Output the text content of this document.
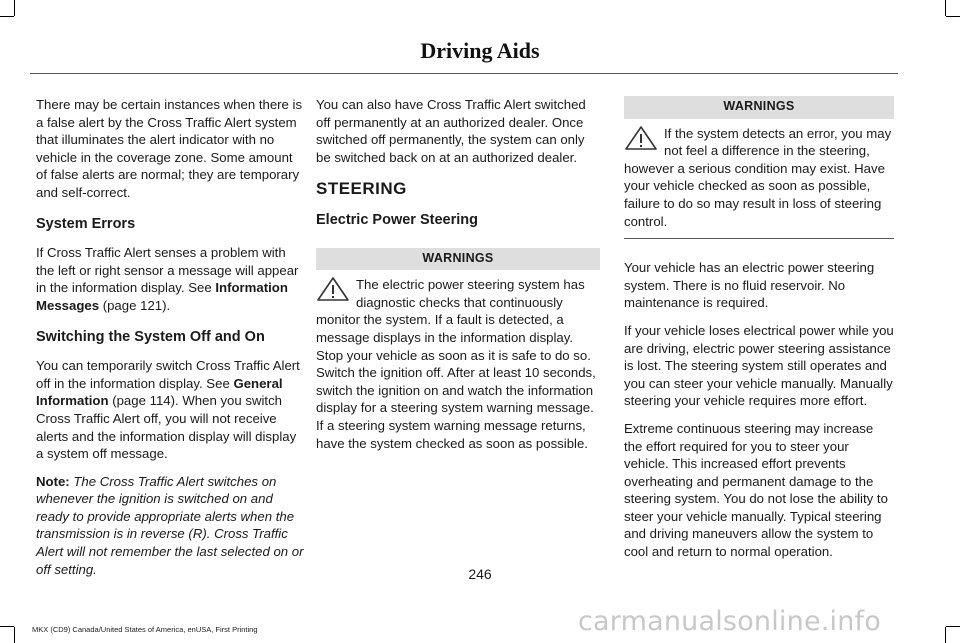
Driving Aids

There may be certain instances when there is a false alert by the Cross Traffic Alert system that illuminates the alert indicator with no vehicle in the coverage zone. Some amount of false alerts are normal; they are temporary and self-correct.

System Errors

If Cross Traffic Alert senses a problem with the left or right sensor a message will appear in the information display. See Information Messages (page 121).

Switching the System Off and On

You can temporarily switch Cross Traffic Alert off in the information display. See General Information (page 114). When you switch Cross Traffic Alert off, you will not receive alerts and the information display will display a system off message.

Note: The Cross Traffic Alert switches on whenever the ignition is switched on and ready to provide appropriate alerts when the transmission is in reverse (R). Cross Traffic Alert will not remember the last selected on or off setting.

You can also have Cross Traffic Alert switched off permanently at an authorized dealer. Once switched off permanently, the system can only be switched back on at an authorized dealer.

STEERING
Electric Power Steering
WARNINGS
The electric power steering system has diagnostic checks that continuously monitor the system. If a fault is detected, a message displays in the information display. Stop your vehicle as soon as it is safe to do so. Switch the ignition off. After at least 10 seconds, switch the ignition on and watch the information display for a steering system warning message. If a steering system warning message returns, have the system checked as soon as possible.
WARNINGS
If the system detects an error, you may not feel a difference in the steering, however a serious condition may exist. Have your vehicle checked as soon as possible, failure to do so may result in loss of steering control.

Your vehicle has an electric power steering system. There is no fluid reservoir. No maintenance is required.

If your vehicle loses electrical power while you are driving, electric power steering assistance is lost. The steering system still operates and you can steer your vehicle manually. Manually steering your vehicle requires more effort.

Extreme continuous steering may increase the effort required for you to steer your vehicle. This increased effort prevents overheating and permanent damage to the steering system. You do not lose the ability to steer your vehicle manually. Typical steering and driving maneuvers allow the system to cool and return to normal operation.

246
MKX (CD9) Canada/United States of America, enUSA, First Printing	carmanualsonline.info
